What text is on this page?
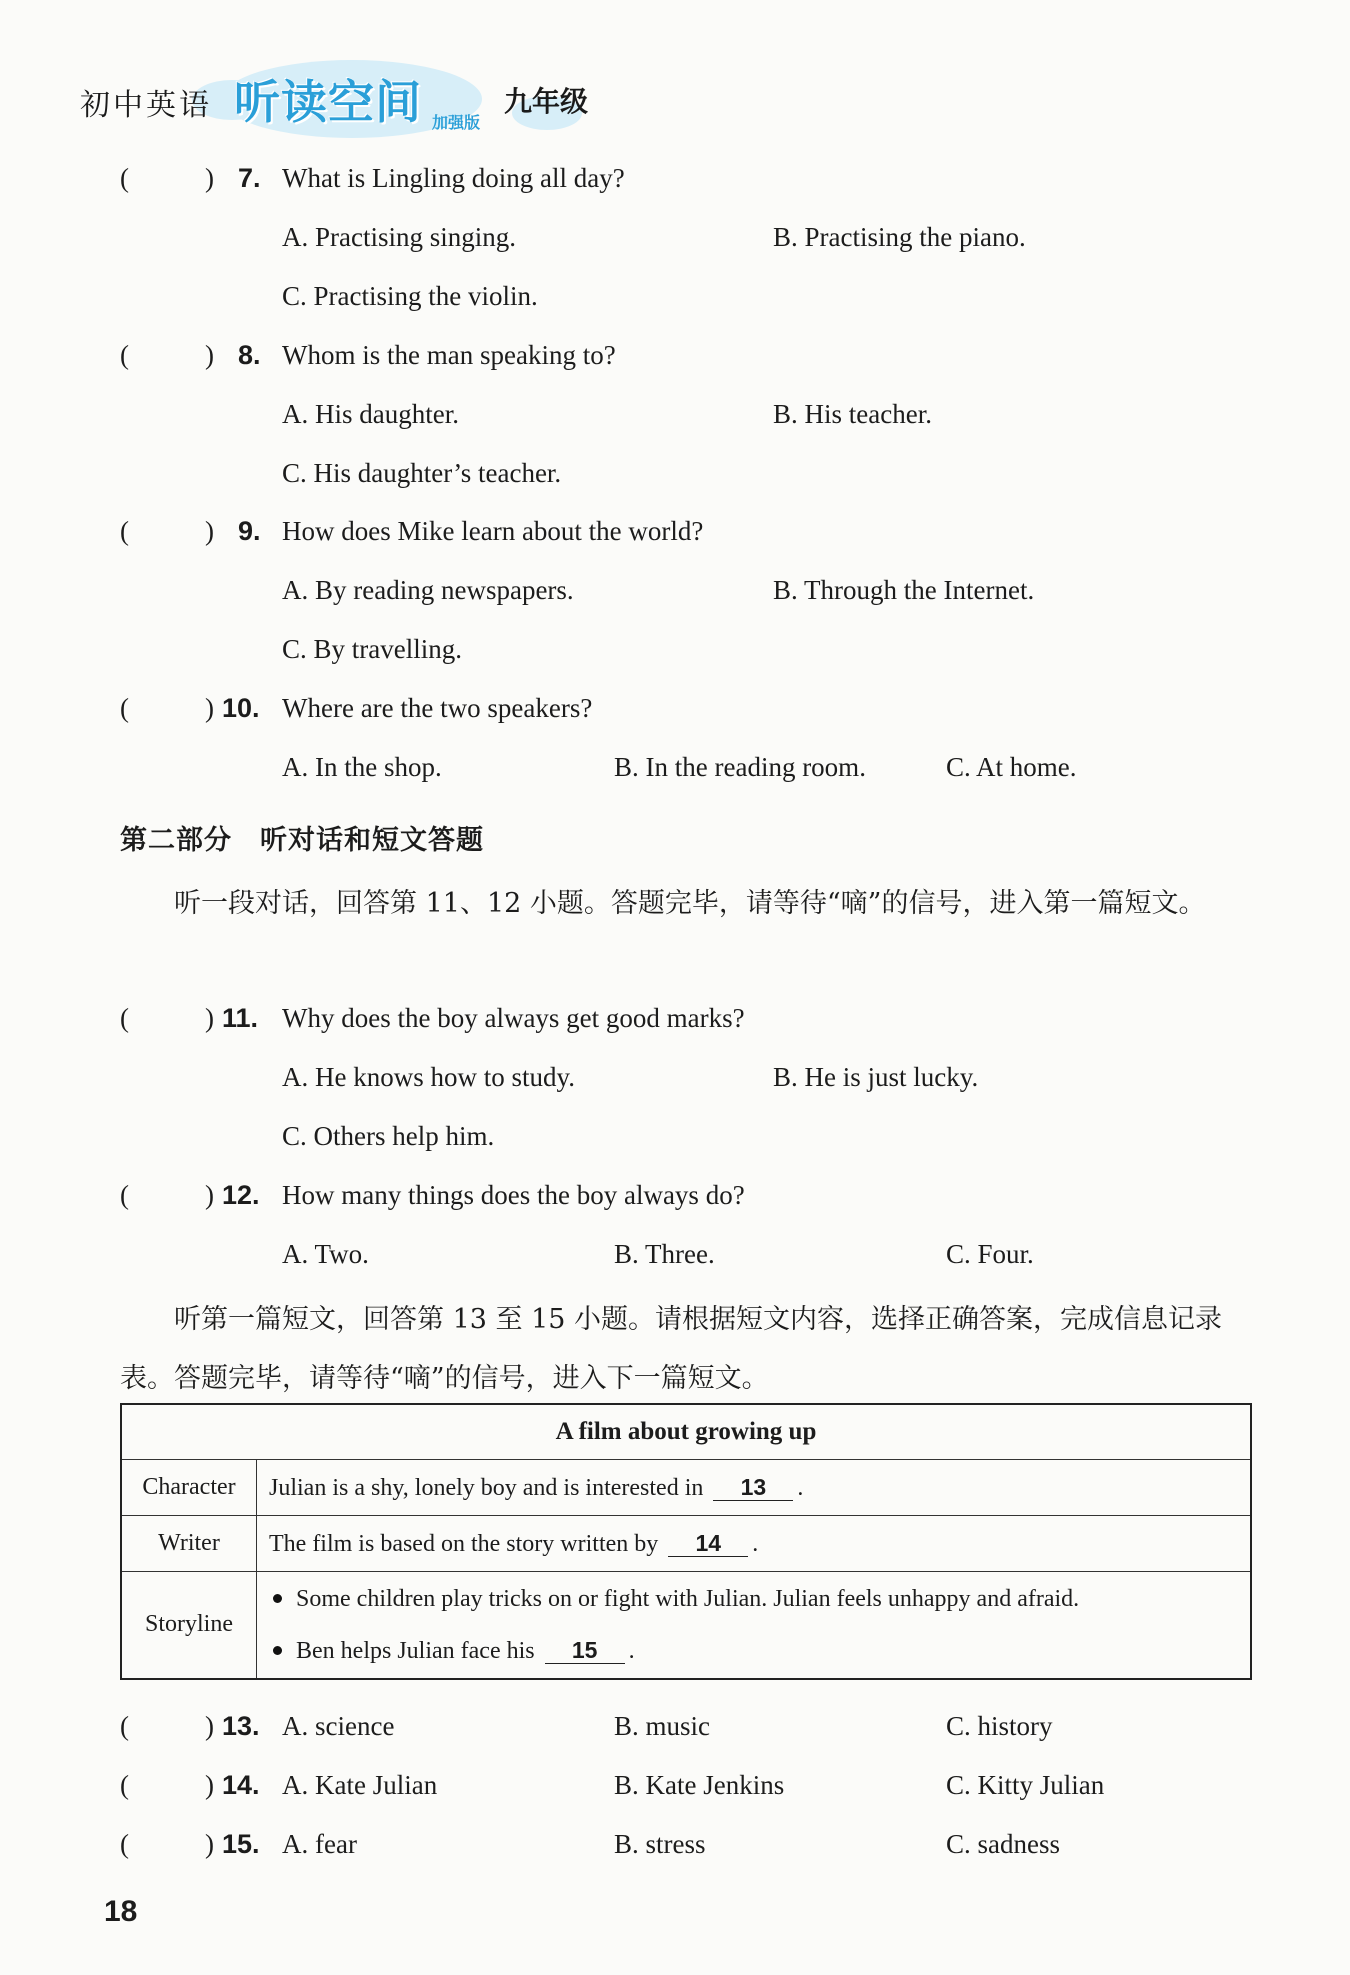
初中英语 听读空间 加强版
九年级
(	) 7. What is Lingling doing all day?
A. Practising singing.	B. Practising the piano.
C. Practising the violin.
(	) 8. Whom is the man speaking to?
A. His daughter.	B. His teacher.
C. His daughter’s teacher.
(	) 9. How does Mike learn about the world?
A. By reading newspapers.	B. Through the Internet.
C. By travelling.
(	) 10. Where are the two speakers?
A. In the shop.	B. In the reading room.	C. At home.
第二部分　听对话和短文答题
听一段对话，回答第 11、12 小题。答题完毕，请等待“嘀”的信号，进入第一篇短文。
(	) 11. Why does the boy always get good marks?
A. He knows how to study.	B. He is just lucky.
C. Others help him.
(	) 12. How many things does the boy always do?
A. Two.	B. Three.	C. Four.
听第一篇短文，回答第 13 至 15 小题。请根据短文内容，选择正确答案，完成信息记录表。答题完毕，请等待“嘀”的信号，进入下一篇短文。
A film about growing up	
Character	Julian is a shy, lonely boy and is interested in 13 .
Writer	The film is based on the story written by 14 .
Storyline	Some children play tricks on or fight with Julian. Julian feels unhappy and afraid.
Ben helps Julian face his 15 .
(	) 13. A. science	B. music	C. history
(	) 14. A. Kate Julian	B. Kate Jenkins	C. Kitty Julian
(	) 15. A. fear	B. stress	C. sadness
18
